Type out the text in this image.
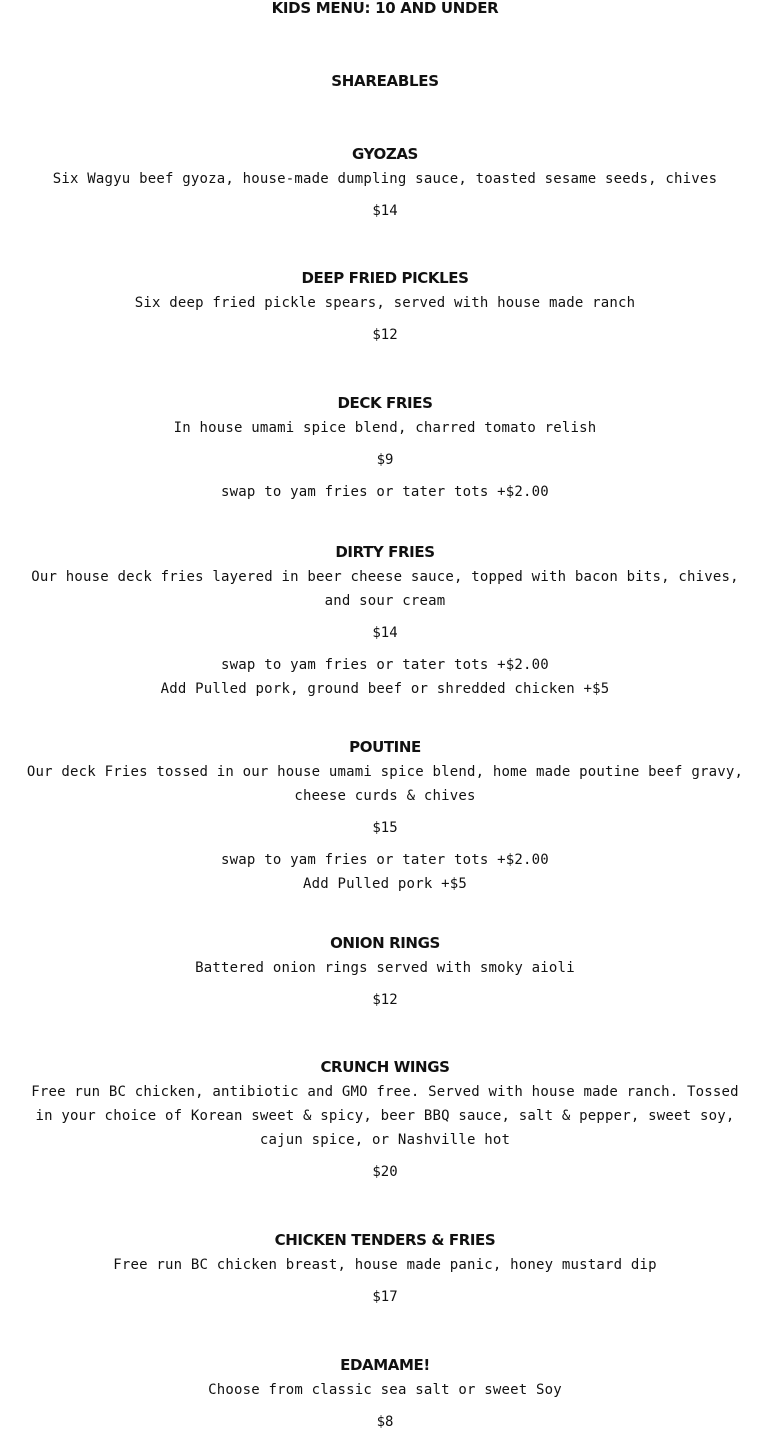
KIDS MENU: 10 AND UNDER
SHAREABLES
GYOZAS
Six Wagyu beef gyoza, house-made dumpling sauce, toasted sesame seeds, chives
$14
DEEP FRIED PICKLES
Six deep fried pickle spears, served with house made ranch
$12
DECK FRIES
In house umami spice blend, charred tomato relish
$9
swap to yam fries or tater tots +$2.00
DIRTY FRIES
Our house deck fries layered in beer cheese sauce, topped with bacon bits, chives, and sour cream
$14
swap to yam fries or tater tots +$2.00
Add Pulled pork, ground beef or shredded chicken +$5
POUTINE
Our deck Fries tossed in our house umami spice blend, home made poutine beef gravy, cheese curds & chives
$15
swap to yam fries or tater tots +$2.00
Add Pulled pork +$5
ONION RINGS
Battered onion rings served with smoky aioli
$12
CRUNCH WINGS
Free run BC chicken, antibiotic and GMO free. Served with house made ranch. Tossed in your choice of Korean sweet & spicy, beer BBQ sauce, salt & pepper, sweet soy, cajun spice, or Nashville hot
$20
CHICKEN TENDERS & FRIES
Free run BC chicken breast, house made panic, honey mustard dip
$17
EDAMAME!
Choose from classic sea salt or sweet Soy
$8
